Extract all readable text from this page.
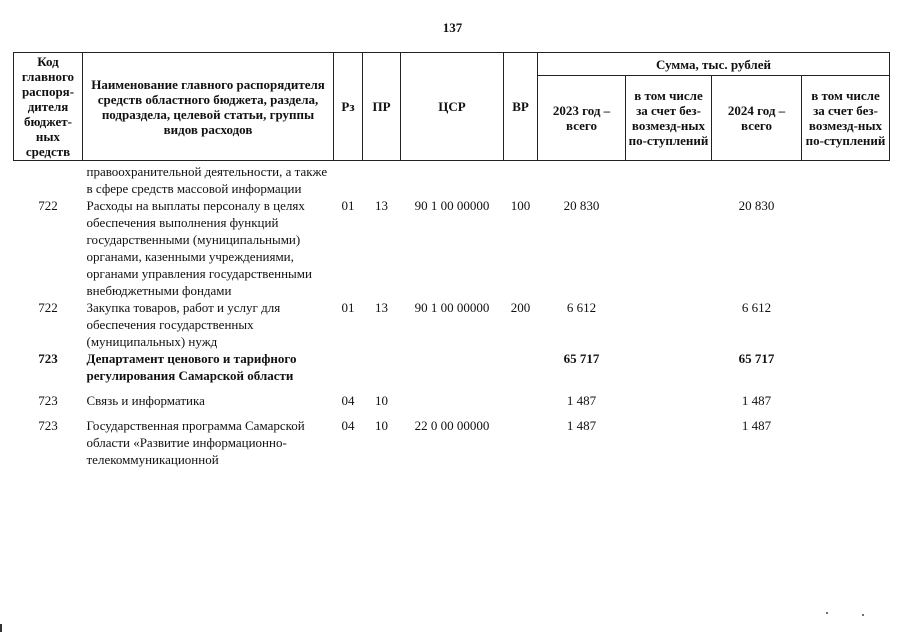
137
Код главного распоря-дителя бюджет-ных средств	Наименование главного распорядителя средств областного бюджета, раздела, подраздела, целевой статьи, группы видов расходов	Рз	ПР	ЦСР	ВР	Сумма, тыс. рублей			
						2023 год – всего	в том числе за счет без-возмезд-ных по-ступлений	2024 год – всего	в том числе за счет без-возмезд-ных по-ступлений
	правоохранительной деятельности, а также в сфере средств массовой информации								
722	Расходы на выплаты персоналу в целях обеспечения выполнения функций государственными (муниципальными) органами, казенными учреждениями, органами управления государственными внебюджетными фондами	01	13	90 1 00 00000	100	20 830		20 830	
722	Закупка товаров, работ и услуг для обеспечения государственных (муниципальных) нужд	01	13	90 1 00 00000	200	6 612		6 612	
723	Департамент ценового и тарифного регулирования Самарской области					65 717		65 717	
723	Связь и информатика	04	10			1 487		1 487	
723	Государственная программа Самарской области «Развитие информационно-телекоммуникационной	04	10	22 0 00 00000		1 487		1 487	
